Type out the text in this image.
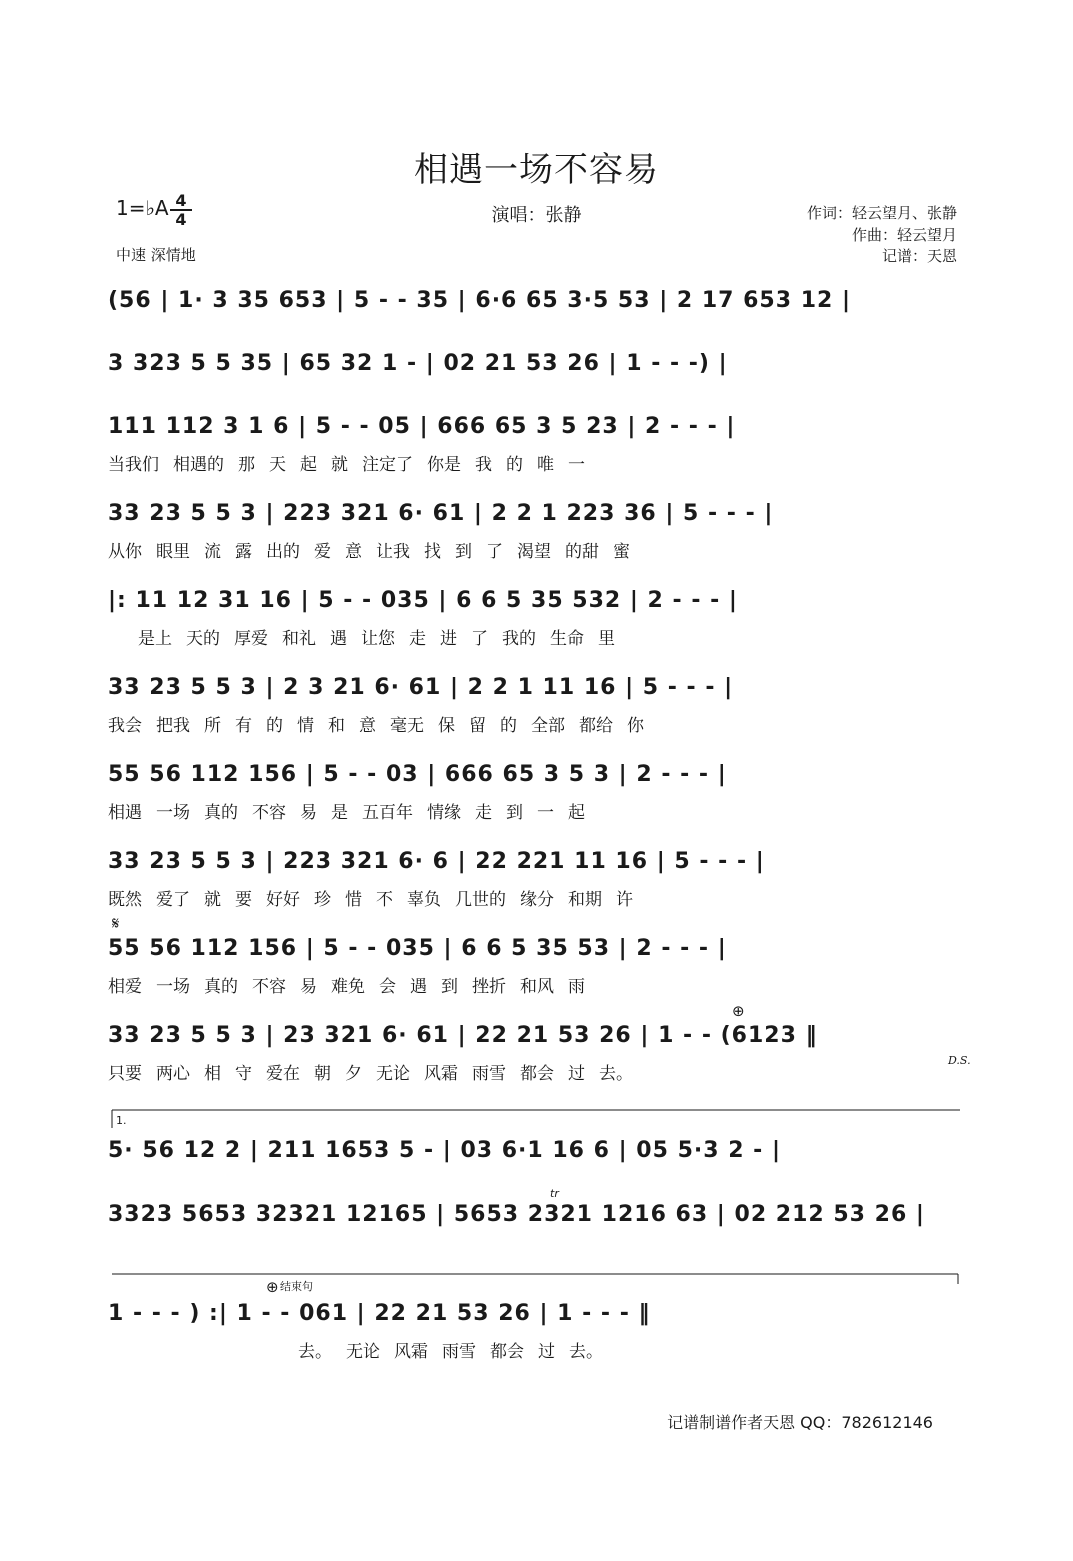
相遇一场不容易
1=♭A $\frac{4}{4}$
中速 深情地
演唱：张静	作词：轻云望月、张静
作曲：轻云望月
记谱：天恩
(56 | 1· 3 35 653 | 5 - - 35 | 6·6 65 3·5 53 | 2 17 653 12 |
3 323 5 5 35 | 65 32 1 - | 02 21 53 26 | 1 - - -) |
111 112 3 1 6 | 5 - - 05 | 666 65 3 5 23 | 2 - - - |
当我们 相遇的 那 天 起 就 注定了 你是 我 的 唯 一
33 23 5 5 3 | 223 321 6· 61 | 2 2 1 223 36 | 5 - - - |
从你 眼里 流 露 出的 爱 意 让我 找 到 了 渴望 的甜 蜜
|: 11 12 31 16 | 5 - - 035 | 6 6 5 35 532 | 2 - - - |
是上 天的 厚爱 和礼 遇 让您 走 进 了 我的 生命 里
33 23 5 5 3 | 2 3 21 6· 61 | 2 2 1 11 16 | 5 - - - |
我会 把我 所 有 的 情 和 意 毫无 保 留 的 全部 都给 你
55 56 112 156 | 5 - - 03 | 666 65 3 5 3 | 2 - - - |
相遇 一场 真的 不容 易 是 五百年 情缘 走 到 一 起
33 23 5 5 3 | 223 321 6· 6 | 22 221 11 16 | 5 - - - |
既然 爱了 就 要 好好 珍 惜 不 辜负 几世的 缘分 和期 许
𝄋
55 56 112 156 | 5 - - 035 | 6 6 5 35 53 | 2 - - - |
相爱 一场 真的 不容 易 难免 会 遇 到 挫折 和风 雨
⊕
33 23 5 5 3 | 23 321 6· 61 | 22 21 53 26 | 1 - - (6123 ‖
只要 两心 相 守 爱在 朝 夕 无论 风霜 雨雪 都会 过 去。
D.S.
1.
5· 56 12 2 | 211 1653 5 - | 03 6·1 16 6 | 05 5·3 2 - |
tr
3323 5653 32321 12165 | 5653 2321 1216 63 | 02 212 53 26 |
⊕ 结束句
1 - - - ) :| 1 - - 061 | 22 21 53 26 | 1 - - - ‖
去。 无论 风霜 雨雪 都会 过 去。
记谱制谱作者天恩 QQ：782612146
